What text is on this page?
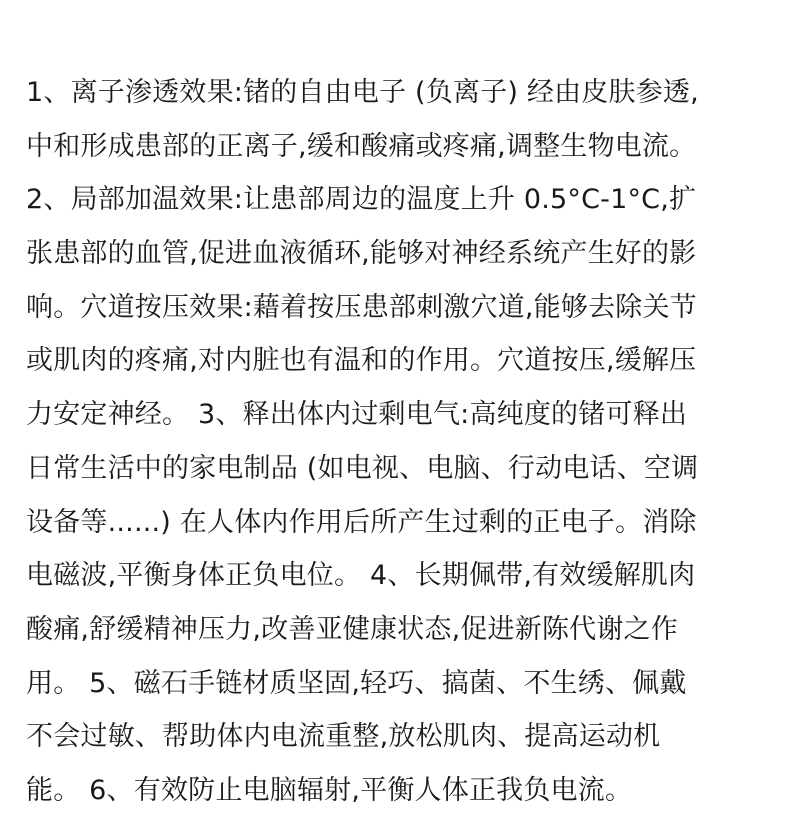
1、离子渗透效果:锗的自由电子 (负离子) 经由皮肤参透,
中和形成患部的正离子,缓和酸痛或疼痛,调整生物电流。
2、局部加温效果:让患部周边的温度上升 0.5°C-1°C,扩
张患部的血管,促进血液循环,能够对神经系统产生好的影
响。穴道按压效果:藉着按压患部刺激穴道,能够去除关节
或肌肉的疼痛,对内脏也有温和的作用。穴道按压,缓解压
力安定神经。 3、释出体内过剩电气:高纯度的锗可释出
日常生活中的家电制品 (如电视、电脑、行动电话、空调
设备等......) 在人体内作用后所产生过剩的正电子。消除
电磁波,平衡身体正负电位。 4、长期佩带,有效缓解肌肉
酸痛,舒缓精神压力,改善亚健康状态,促进新陈代谢之作
用。 5、磁石手链材质坚固,轻巧、搞菌、不生绣、佩戴
不会过敏、帮助体内电流重整,放松肌肉、提高运动机
能。 6、有效防止电脑辐射,平衡人体正我负电流。
